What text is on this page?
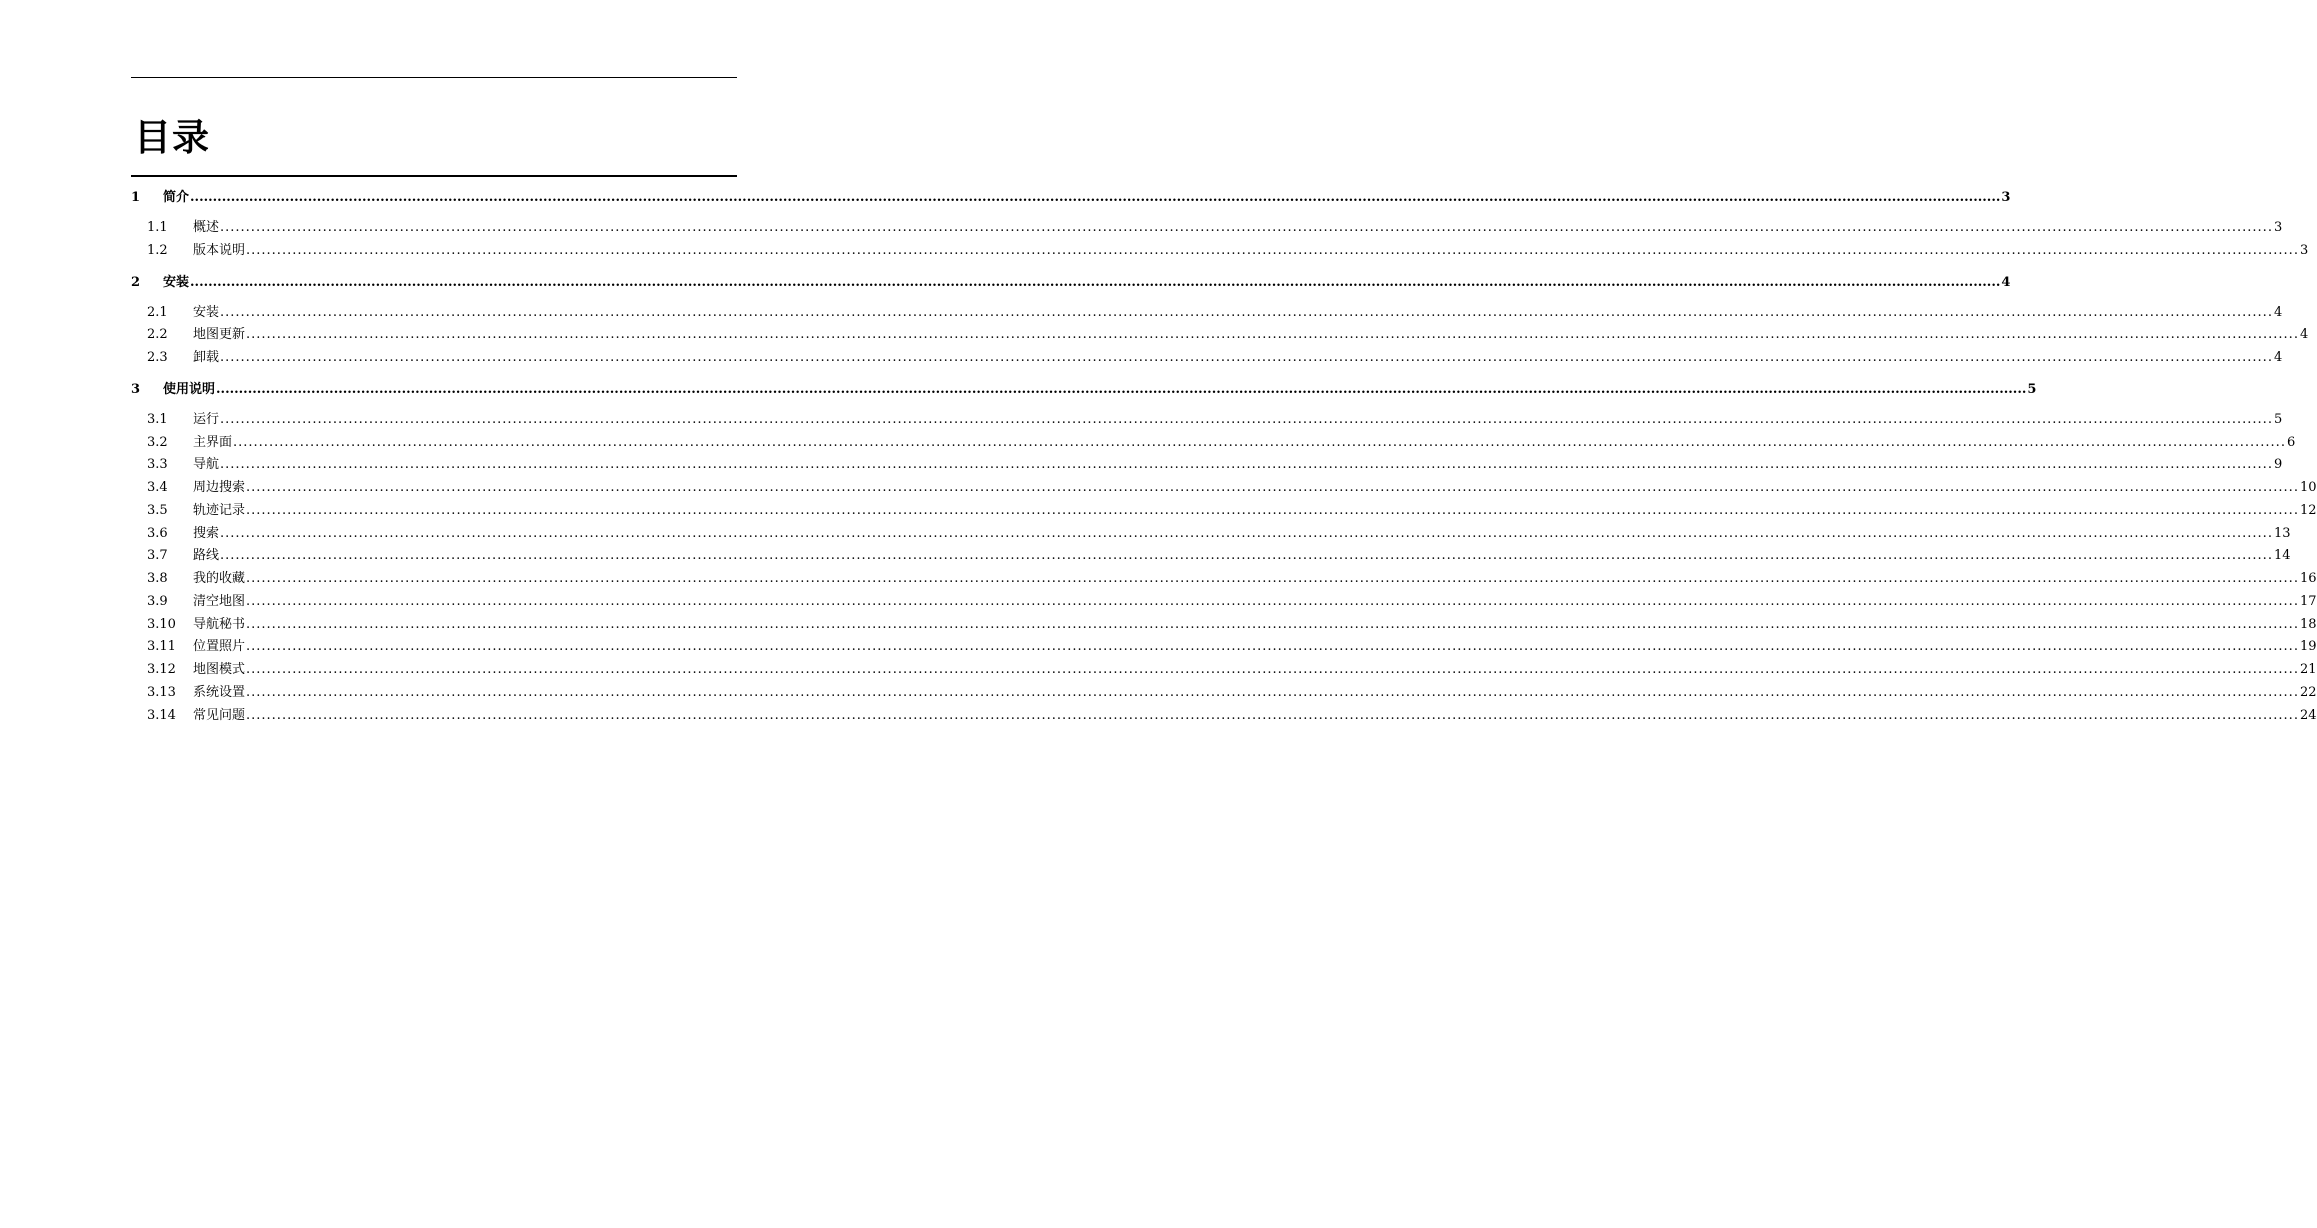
目录
1	简介 ................................................................................................................................................................................................................................................................................................................................................................................................................ 3
1.1	概述 ................................................................................................................................................................................................................................................................................................................................................................................................................ 3
1.2	版本说明 ................................................................................................................................................................................................................................................................................................................................................................................................................ 3
2	安装 ................................................................................................................................................................................................................................................................................................................................................................................................................ 4
2.1	安装 ................................................................................................................................................................................................................................................................................................................................................................................................................ 4
2.2	地图更新 ................................................................................................................................................................................................................................................................................................................................................................................................................ 4
2.3	卸载 ................................................................................................................................................................................................................................................................................................................................................................................................................ 4
3	使用说明 ................................................................................................................................................................................................................................................................................................................................................................................................................ 5
3.1	运行 ................................................................................................................................................................................................................................................................................................................................................................................................................ 5
3.2	主界面 ................................................................................................................................................................................................................................................................................................................................................................................................................ 6
3.3	导航 ................................................................................................................................................................................................................................................................................................................................................................................................................ 9
3.4	周边搜索 ................................................................................................................................................................................................................................................................................................................................................................................................................ 10
3.5	轨迹记录 ................................................................................................................................................................................................................................................................................................................................................................................................................ 12
3.6	搜索 ................................................................................................................................................................................................................................................................................................................................................................................................................ 13
3.7	路线 ................................................................................................................................................................................................................................................................................................................................................................................................................ 14
3.8	我的收藏 ................................................................................................................................................................................................................................................................................................................................................................................................................ 16
3.9	清空地图 ................................................................................................................................................................................................................................................................................................................................................................................................................ 17
3.10	导航秘书 ................................................................................................................................................................................................................................................................................................................................................................................................................ 18
3.11	位置照片 ................................................................................................................................................................................................................................................................................................................................................................................................................ 19
3.12	地图模式 ................................................................................................................................................................................................................................................................................................................................................................................................................ 21
3.13	系统设置 ................................................................................................................................................................................................................................................................................................................................................................................................................ 22
3.14	常见问题 ................................................................................................................................................................................................................................................................................................................................................................................................................ 24
